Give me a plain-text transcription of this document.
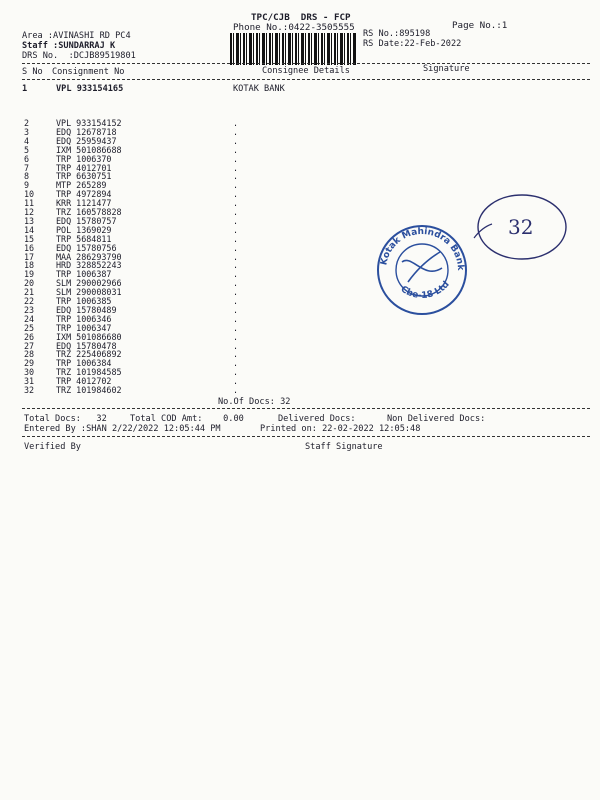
TPC/CJB  DRS - FCP
Phone No.:0422-3505555	Page No.:1
Area :AVINASHI RD PC4
Staff :SUNDARRAJ K
DRS No.  :DCJB89519801
RS No.:895198
RS Date:22-Feb-2022
S No Consignment No	Consignee Details	Signature
1	VPL 933154165	KOTAK BANK
2	VPL 933154152	.
3	EDQ 12678718	.
4	EDQ 25959437	.
5	IXM 501086688	.
6	TRP 1006370	.
7	TRP 4012701	.
8	TRP 6630751	.
9	MTP 265289	.
10	TRP 4972894	.
11	KRR 1121477	.
12	TRZ 160578828	.
13	EDQ 15780757	.
14	POL 1369029	.
15	TRP 5684811	.
16	EDQ 15780756	.
17	MAA 286293790	.
18	HRD 328852243	.
19	TRP 1006387	.
20	SLM 290002966	.
21	SLM 290008031	.
22	TRP 1006385	.
23	EDQ 15780489	.
24	TRP 1006346	.
25	TRP 1006347	.
26	IXM 501086680	.
27	EDQ 15780478	.
28	TRZ 225406892	.
29	TRP 1006384	.
30	TRZ 101984585	.
31	TRP 4012702	.
32	TRZ 101984602	.
Kotak Mahindra Bank
Cbe-18 Ltd
32
No.Of Docs: 32
Total Docs:   32	Total COD Amt:    0.00	Delivered Docs:	Non Delivered Docs:
Entered By :SHAN 2/22/2022 12:05:44 PM	Printed on: 22-02-2022 12:05:48
Verified By	Staff Signature
